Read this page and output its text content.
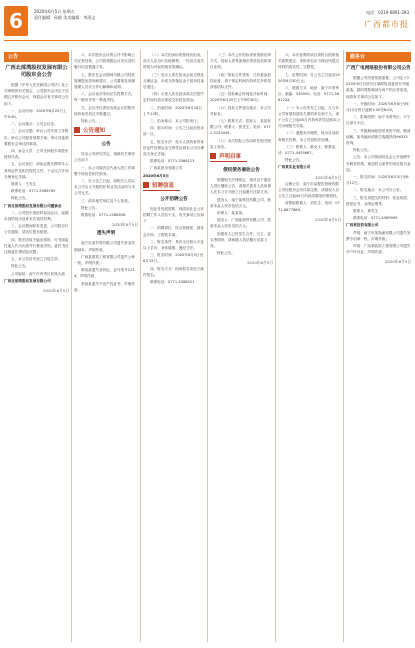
6	2020年6月5日 星期五
责任编辑：孙郁 美术编辑：李清文
电话：0310-6891-293
广西都市报
公告
广西北部湾股权发展有限公司股东会公告

根据《中华人民共和国公司法》及公司章程的有关规定，公司股东会决定于近期召开股东会议，现将会议有关事项公告如下。

一、会议时间：2020年6月20日上午9:30。

二、会议地点：公司会议室。

三、会议议题：审议公司年度工作报告；审议公司财务预算方案；审议其他需要股东会审议的事项。

四、参会人员：公司全体股东或股东授权代表。

五、会议登记：请参会股东携带本人身份证件及相关授权文件，于会议召开前办理登记手续。

联系人：王先生

联系电话：0771-5566789

特此公告。

广西北部湾股权发展有限公司董事会

二、公司股东请按时参加会议，逾期未到的视为放弃本次表决权利。

三、会议期间如有变更，公司将另行公告通知，请各位股东留意。

四、股东因故不能出席的，可书面委托他人代为出席并行使表决权，委托书应注明委托事项及权限。

五、本公告自刊登之日起生效。

特此公告。

公司地址：南宁市青秀区民族大道

广西北部湾股权发展有限公司

2020年6月5日

六、本次股东会议的召开不影响公司正常经营，公司将根据会议决议及时履行信息披露义务。

七、股东在会议期间可就公司经营管理提出质询和建议，公司董事及高级管理人员应当作出解释和说明。

八、会议表决采用记名投票方式，每一股份享有一票表决权。

九、会议决议须经出席会议的股东所持表决权过半数通过。

特此公告。

公告通知
公告

经本公司研究决定，现就有关事项公告如下：

一、本公司原法定代表人因工作调整不再担任相关职务。

二、自公告之日起，原相关人员以本公司名义开展的任何业务活动均与本公司无关。

三、请各相关单位及个人知悉。

特此公告。

联系电话：0771-2288456

2020年6月5日
遗失声明

南宁市某贸易有限公司遗失营业执照副本，声明作废。

广西某建筑工程有限公司遗失公章一枚，声明作废。

黄某某遗失身份证，证号尾号1234，声明作废。

李某某遗失不动产权证书，声明作废。

（二）本次拍卖标的按现状拍卖，竞买人应自行实地勘察，一经竞买成功即视为对标的现状的确认。

（三）竞买人须在拍卖会前交纳竞买保证金，未成交的保证金于拍卖结束后退还。

（四）买受人应在拍卖成交后按约定时间付清全部成交价款及佣金。

二、拍卖时间：2020年6月18日上午10时。

三、拍卖地点：本公司拍卖厅。

四、展示时间：公告之日起至拍卖前一日。

五、报名办法：竞买人须持有效身份证件及保证金交纳凭证到本公司办理竞买登记手续。

联系电话：0771-3366123

广西某拍卖有限公司

2020年6月5日

招聘信息
公开招聘公告

因业务发展需要，现面向社会公开招聘工作人员若干名，有关事项公告如下：

一、招聘岗位：综合管理岗、财务会计岗、工程技术岗。

二、报名条件：具有全日制大专及以上学历，身体健康，遵纪守法。

三、报名时间：2020年6月5日至6月15日。

四、报名方式：现场报名或电子邮件报名。

联系电话：0771-5588321

（三）本次公开招标采用资格后审方式，投标人须具备相应资质及类似项目业绩。

（四）招标文件获取：凡有意参加投标者，请于规定时间内持单位介绍信获取招标文件。

（五）投标截止时间及开标时间：2020年6月25日上午9时30分。

（六）投标文件递交地点：本公司开标室。

（七）联系方式：招标人：某某有限公司；联系人：张先生；电话：0771-2233445。

（八）本次招标公告同时在相关网站上发布。

声明启事
债权债务催收公告

根据相关法律规定，现对以下债务人进行催收公告，请相关债务人及担保人在本公告刊登之日起履行还款义务。

债务人：南宁某科技有限公司，借款本金人民币伍拾万元。

担保人：某某某。

债务人：广西某商贸有限公司，借款本金人民币叁拾万元。

如债务人已经发生合并、分立、更名等情形，请承继人依法履行还款义务。

特此公告。

2020年6月5日

六、本次征集的项目须符合国家相关政策规定，申报单位应当保证所提交材料的真实性、完整性。

七、征集时间：自公告之日起至2020年6月30日止。

八、联系方式：地址：南宁市青秀区；邮编：530000；电话：0771-5661234。

（一）本公告发布之日起，凡与本公司有债权债务关系的单位和个人，请于公告之日起45日内持有效凭证到本公司办理相关手续。

（二）逾期未办理的，视为自动放弃相关权利，本公司将依法处理。

（三）联系人：陈女士；联系电话：0771-4455667。

特此公告。

广西某实业有限公司

2020年6月5日

注销公告：南宁市某餐饮管理有限公司经股东会决议拟注销，请债权人自公告之日起45日内向清算组申报债权。

清算组联系人：刘先生；电话：0771-6677889。

2020年6月5日
服务台
广西广电网络股份有限公司公告

根据公司经营发展需要，公司定于2020年6月对部分区域网络设备进行升级改造，届时将影响部分用户的正常收视，现将有关事项公告如下。

一、升级时间：2020年6月8日至6月12日每日凌晨1:00至6:00。

二、影响范围：南宁市青秀区、兴宁区部分小区。

三、升级期间给您带来的不便，敬请谅解。如有疑问请拨打客服热线96335咨询。

特此公告。

公告：本公司现面向社会公开选聘中介服务机构，欢迎符合条件的单位报名参加。

一、报名时间：2020年6月5日至6月12日。

二、报名地点：本公司办公室。

三、报名须提交的材料：营业执照、资质证书、业绩证明等。

联系人：黄先生

联系电话：0771-5589999

广西某投资有限公司

声明：南宁市某物流有限公司遗失发票专用章一枚，声明作废。

声明：广西某装饰工程有限公司遗失开户许可证，声明作废。

2020年6月5日
